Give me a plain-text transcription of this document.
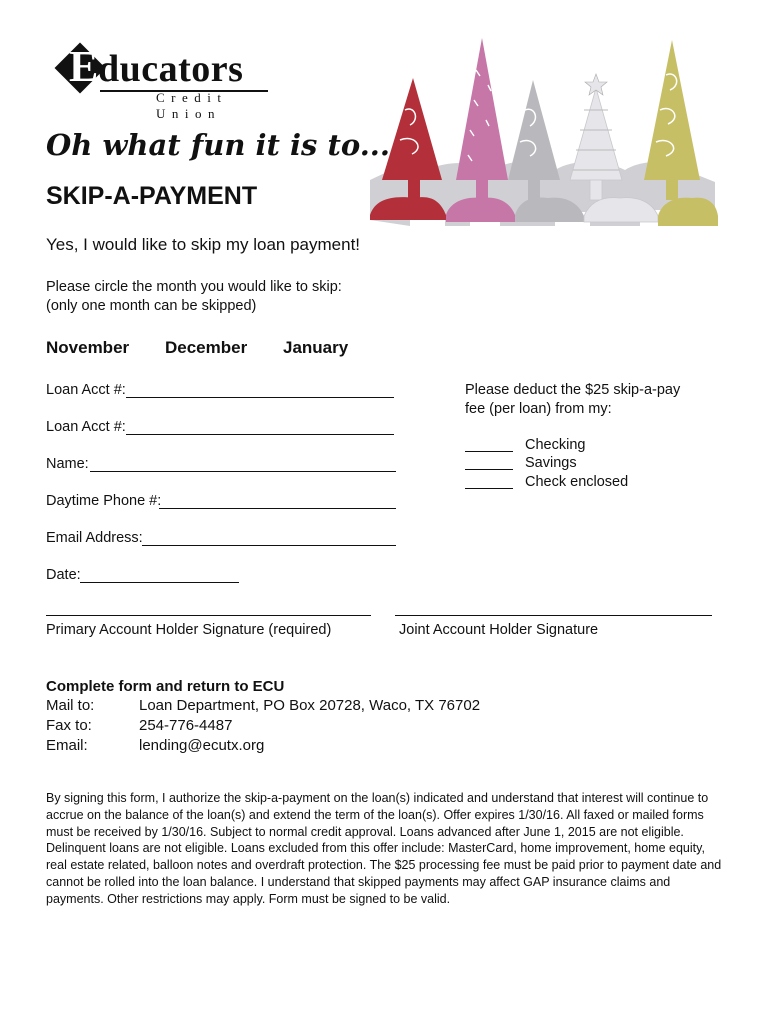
E ducators
Credit Union
Oh what fun it is to...
SKIP-A-PAYMENT
Yes, I would like to skip my loan payment!
Please circle the month you would like to skip:
(only one month can be skipped)
November December January
Loan Acct #:
Loan Acct #:
Name:
Daytime Phone #:
Email Address:
Date:
Please deduct the $25 skip-a-pay
fee (per loan) from my:
Checking
Savings
Check enclosed
Primary Account Holder Signature (required)	Joint Account Holder Signature
Complete form and return to ECU
Mail to:	Loan Department, PO Box 20728, Waco, TX 76702
Fax to:	254-776-4487
Email:	lending@ecutx.org
By signing this form, I authorize the skip-a-payment on the loan(s) indicated and understand that interest will continue to accrue on the balance of the loan(s) and extend the term of the loan(s). Offer expires 1/30/16. All faxed or mailed forms must be received by 1/30/16. Subject to normal credit approval. Loans advanced after June 1, 2015 are not eligible. Delinquent loans are not eligible. Loans excluded from this offer include: MasterCard, home improvement, home equity, real estate related, balloon notes and overdraft protection. The $25 processing fee must be paid prior to payment date and cannot be rolled into the loan balance. I understand that skipped payments may affect GAP insurance claims and payments. Other restrictions may apply. Form must be signed to be valid.
